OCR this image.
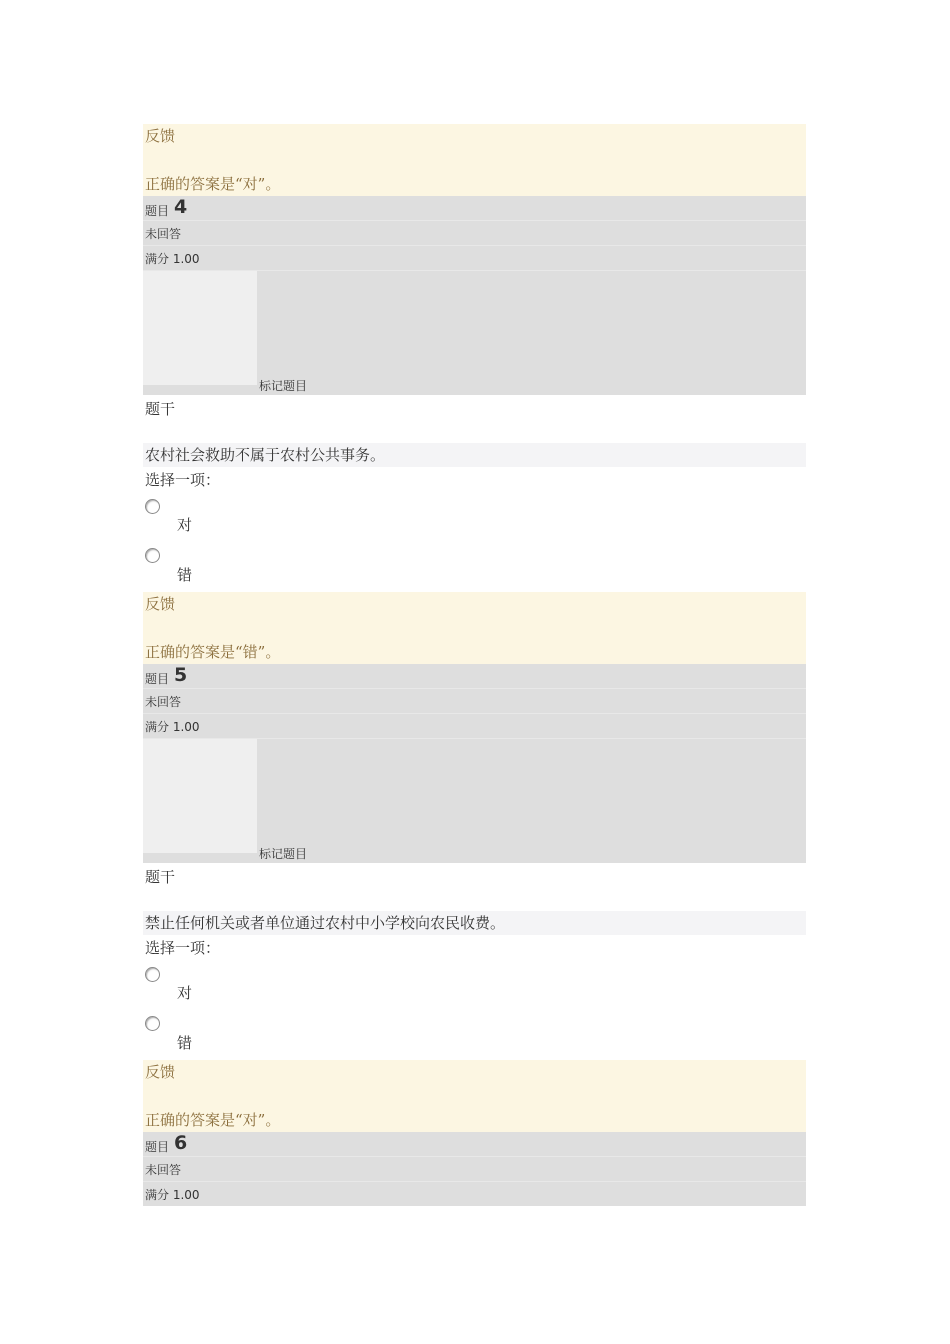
反馈
正确的答案是“对”。
题目 4
未回答
满分 1.00
标记题目
题干
农村社会救助不属于农村公共事务。
选择一项：
对
错
反馈
正确的答案是“错”。
题目 5
未回答
满分 1.00
标记题目
题干
禁止任何机关或者单位通过农村中小学校向农民收费。
选择一项：
对
错
反馈
正确的答案是“对”。
题目 6
未回答
满分 1.00
